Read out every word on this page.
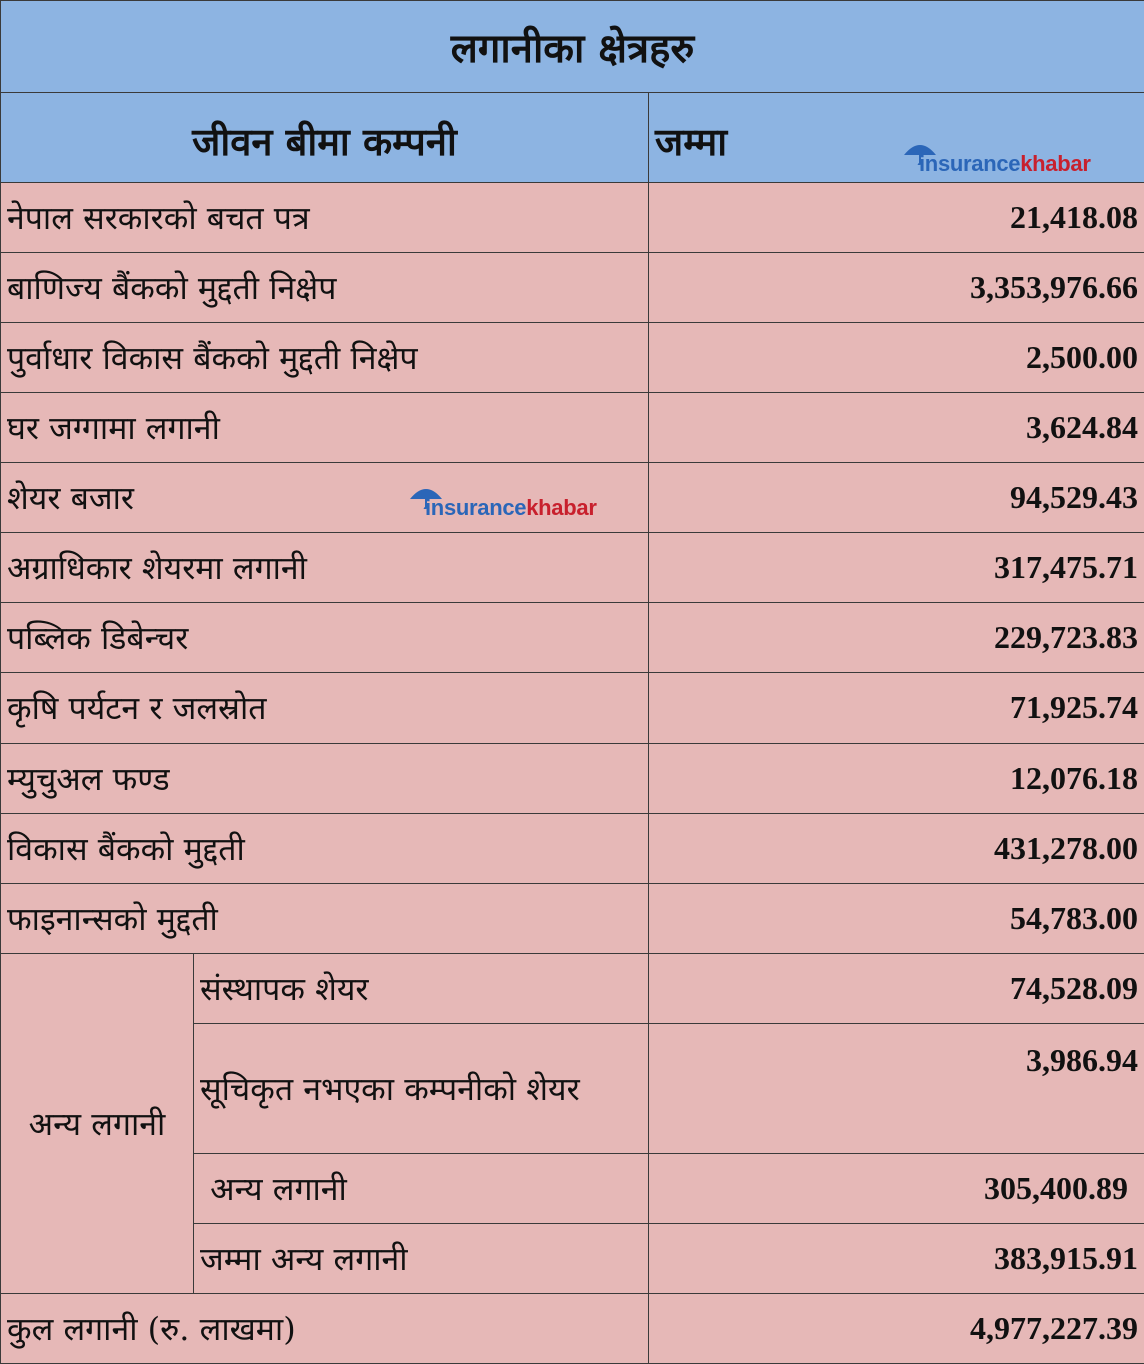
लगानीका क्षेत्रहरु		
जीवन बीमा कम्पनी		जम्मा insurance khabar

नेपाल सरकारको बचत पत्र		21,418.08
बाणिज्य बैंकको मुद्दती निक्षेप		3,353,976.66
पुर्वाधार विकास बैंकको मुद्दती निक्षेप		2,500.00
घर जग्गामा लगानी		3,624.84
शेयर बजार insurance khabar		94,529.43
अग्राधिकार शेयरमा लगानी		317,475.71
पब्लिक डिबेन्चर		229,723.83
कृषि पर्यटन र जलस्रोत		71,925.74
म्युचुअल फण्ड		12,076.18
विकास बैंकको मुद्दती		431,278.00
फाइनान्सको मुद्दती		54,783.00
अन्य लगानी	संस्थापक शेयर	74,528.09
	सूचिकृत नभएका कम्पनीको शेयर	3,986.94
	अन्य लगानी	305,400.89
	जम्मा अन्य लगानी	383,915.91
कुल लगानी (रु. लाखमा)		4,977,227.39
